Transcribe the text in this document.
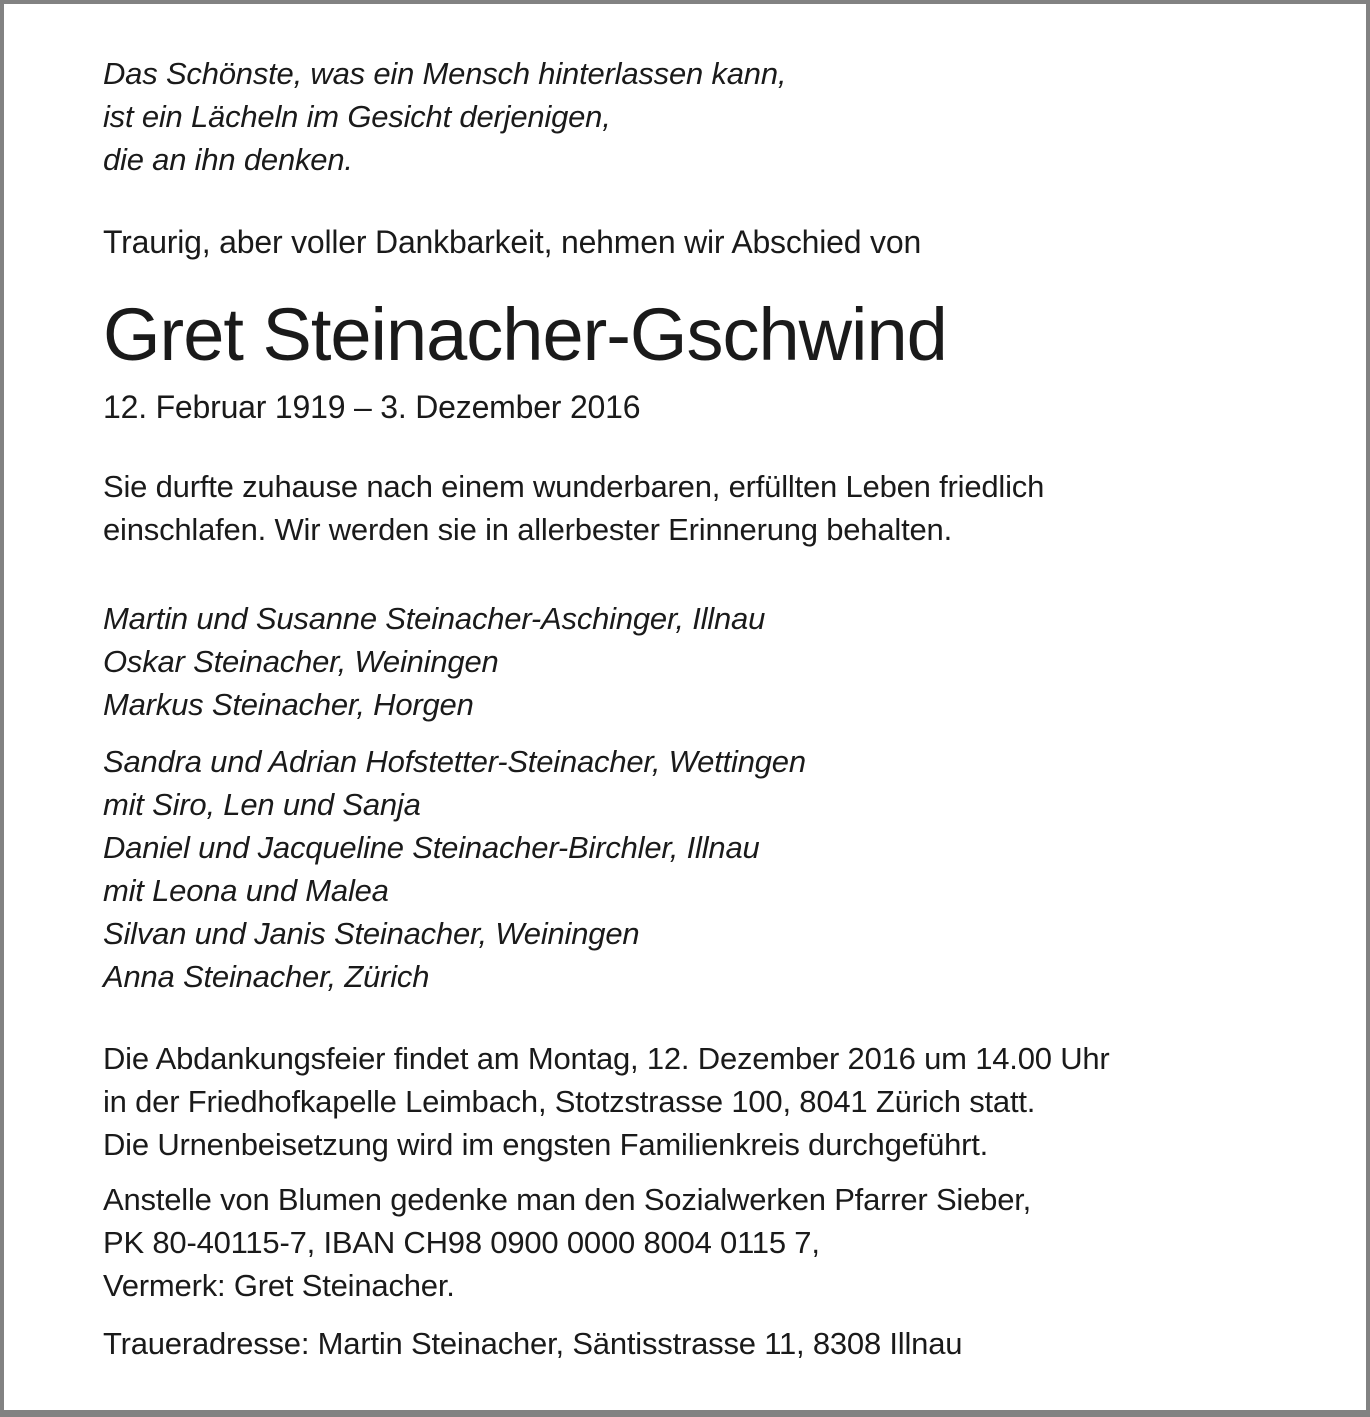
Das Schönste, was ein Mensch hinterlassen kann,
ist ein Lächeln im Gesicht derjenigen,
die an ihn denken.

Traurig, aber voller Dankbarkeit, nehmen wir Abschied von

Gret Steinacher-Gschwind

12. Februar 1919 – 3. Dezember 2016

Sie durfte zuhause nach einem wunderbaren, erfüllten Leben friedlich
einschlafen. Wir werden sie in allerbester Erinnerung behalten.
Martin und Susanne Steinacher-Aschinger, Illnau
Oskar Steinacher, Weiningen
Markus Steinacher, Horgen
Sandra und Adrian Hofstetter-Steinacher, Wettingen
mit Siro, Len und Sanja
Daniel und Jacqueline Steinacher-Birchler, Illnau
mit Leona und Malea
Silvan und Janis Steinacher, Weiningen
Anna Steinacher, Zürich
Die Abdankungsfeier findet am Montag, 12. Dezember 2016 um 14.00 Uhr
in der Friedhofkapelle Leimbach, Stotzstrasse 100, 8041 Zürich statt.
Die Urnenbeisetzung wird im engsten Familienkreis durchgeführt.
Anstelle von Blumen gedenke man den Sozialwerken Pfarrer Sieber,
PK 80-40115-7, IBAN CH98 0900 0000 8004 0115 7,
Vermerk: Gret Steinacher.
Traueradresse: Martin Steinacher, Säntisstrasse 11, 8308 Illnau
